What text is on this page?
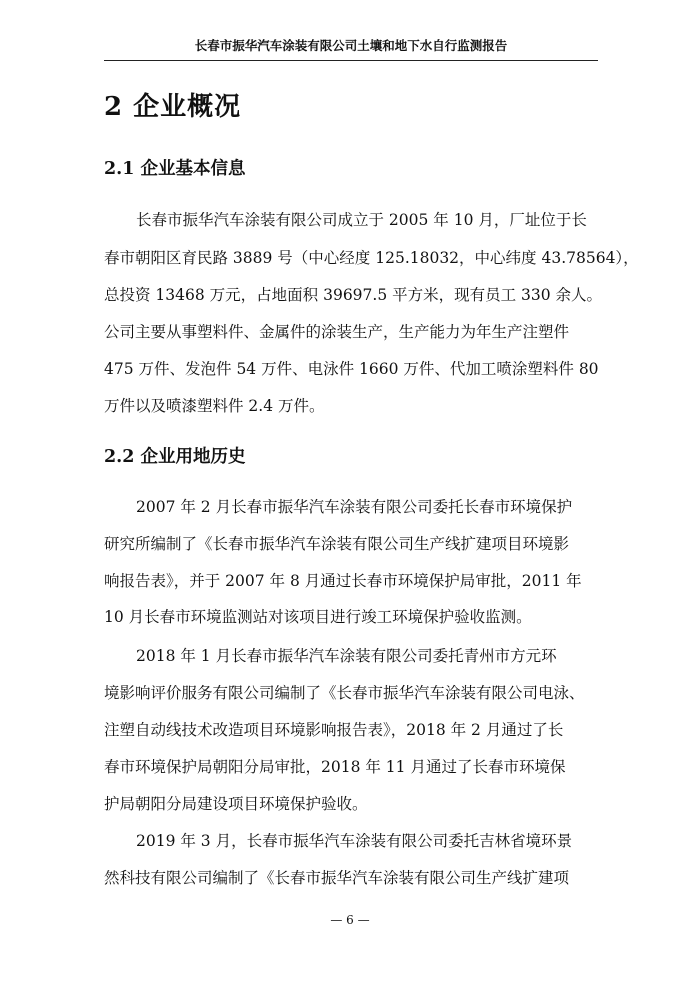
长春市振华汽车涂装有限公司土壤和地下水自行监测报告
2 企业概况
2.1 企业基本信息
长春市振华汽车涂装有限公司成立于 2005 年 10 月，厂址位于长
春市朝阳区育民路 3889 号（中心经度 125.18032，中心纬度 43.78564），
总投资 13468 万元，占地面积 39697.5 平方米，现有员工 330 余人。
公司主要从事塑料件、金属件的涂装生产，生产能力为年生产注塑件
475 万件、发泡件 54 万件、电泳件 1660 万件、代加工喷涂塑料件 80
万件以及喷漆塑料件 2.4 万件。
2.2 企业用地历史
2007 年 2 月长春市振华汽车涂装有限公司委托长春市环境保护
研究所编制了《长春市振华汽车涂装有限公司生产线扩建项目环境影
响报告表》，并于 2007 年 8 月通过长春市环境保护局审批，2011 年
10 月长春市环境监测站对该项目进行竣工环境保护验收监测。
2018 年 1 月长春市振华汽车涂装有限公司委托青州市方元环
境影响评价服务有限公司编制了《长春市振华汽车涂装有限公司电泳、
注塑自动线技术改造项目环境影响报告表》，2018 年 2 月通过了长
春市环境保护局朝阳分局审批，2018 年 11 月通过了长春市环境保
护局朝阳分局建设项目环境保护验收。
2019 年 3 月，长春市振华汽车涂装有限公司委托吉林省境环景
然科技有限公司编制了《长春市振华汽车涂装有限公司生产线扩建项
— 6 —
